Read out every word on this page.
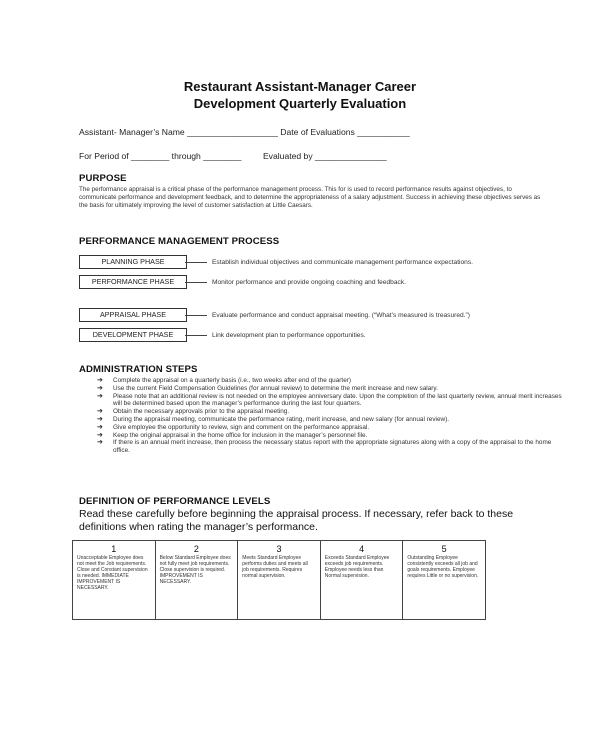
Restaurant Assistant-Manager Career
Development Quarterly Evaluation
Assistant- Manager’s Name ___________________ Date of Evaluations ___________
For Period of ________ through ________         Evaluated by _______________
PURPOSE
The performance appraisal is a critical phase of the performance management process. This for is used to record performance results against objectives, to communicate performance and development feedback, and to determine the appropriateness of a salary adjustment. Success in achieving these objectives serves as the basis for ultimately improving the level of customer satisfaction at Little Caesars.
PERFORMANCE MANAGEMENT PROCESS
PLANNING PHASE	Establish individual objectives and communicate management performance expectations.
PERFORMANCE PHASE	Monitor performance and provide ongoing coaching and feedback.
APPRAISAL PHASE	Evaluate performance and conduct appraisal meeting. (“What’s measured is treasured.”)
DEVELOPMENT PHASE	Link development plan to performance opportunities.
ADMINISTRATION STEPS
➔ Complete the appraisal on a quarterly basis (i.e., two weeks after end of the quarter)
➔ Use the current Field Compensation Guidelines (for annual review) to determine the merit increase and new salary.
➔ Please note that an additional review is not needed on the employee anniversary date. Upon the completion of the last quarterly review, annual merit increases will be determined based upon the manager’s performance during the last four quarters.
➔ Obtain the necessary approvals prior to the appraisal meeting.
➔ During the appraisal meeting, communicate the performance rating, merit increase, and new salary (for annual review).
➔ Give employee the opportunity to review, sign and comment on the performance appraisal.
➔ Keep the original appraisal in the home office for inclusion in the manager’s personnel file.
➔ If there is an annual merit increase, then process the necessary status report with the appropriate signatures along with a copy of the appraisal to the home office.
DEFINITION OF PERFORMANCE LEVELS
Read these carefully before beginning the appraisal process. If necessary, refer back to these definitions when rating the manager’s performance.
1
Unacceptable Employee does not meet the Job requirements. Close and Constant supervision is needed. IMMEDIATE IMPROVEMENT IS NECESSARY.
2
Below Standard Employee does not fully meet job requirements. Close supervision is required. IMPROVEMENT IS NECESSARY.
3
Meets Standard Employee performs duties and meets all job requirements. Requires normal supervision.
4
Exceeds Standard Employee exceeds job requirements. Employee needs less than Normal supervision.
5
Outstanding Employee consistently exceeds all job and goals requirements. Employee requires Little or no supervision.
